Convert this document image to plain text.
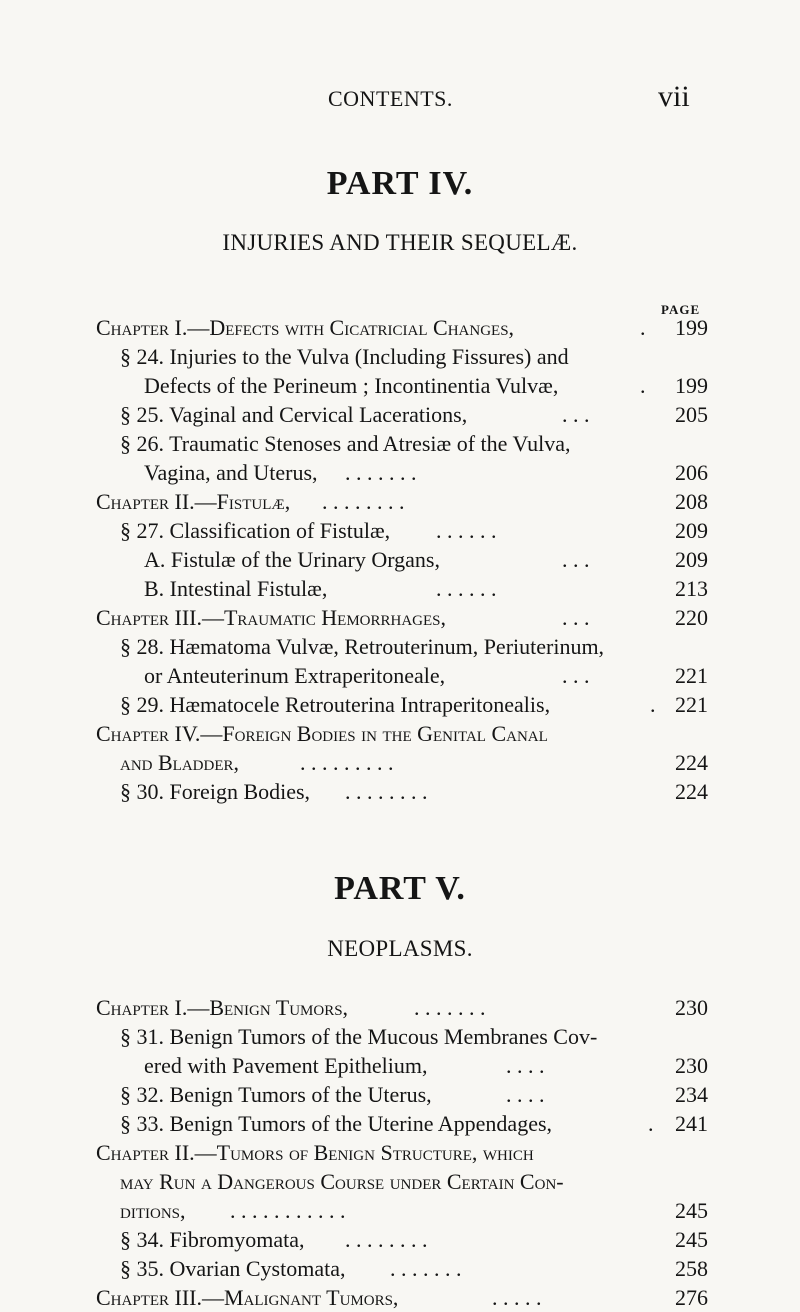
CONTENTS.	vii
PART IV.
INJURIES AND THEIR SEQUELÆ.
PAGE
Chapter I.—Defects with Cicatricial Changes,	.	199
§ 24. Injuries to the Vulva (Including Fissures) and
Defects of the Perineum ; Incontinentia Vulvæ,	.	199
§ 25. Vaginal and Cervical Lacerations,	. . .	205
§ 26. Traumatic Stenoses and Atresiæ of the Vulva,
Vagina, and Uterus, . . . . . . .	206
Chapter II.—Fistulæ, . . . . . . . .	208
§ 27. Classification of Fistulæ, . . . . . .	209
A. Fistulæ of the Urinary Organs,	. . .	209
B. Intestinal Fistulæ,	. . . . . .	213
Chapter III.—Traumatic Hemorrhages,	. . .	220
§ 28. Hæmatoma Vulvæ, Retrouterinum, Periuterinum,
or Anteuterinum Extraperitoneale,	. . .	221
§ 29. Hæmatocele Retrouterina Intraperitonealis,	. 221
Chapter IV.—Foreign Bodies in the Genital Canal
and Bladder,	. . . . . . . . .	224
§ 30. Foreign Bodies, . . . . . . . .	224
PART V.
NEOPLASMS.
Chapter I.—Benign Tumors,	. . . . . . .	230
§ 31. Benign Tumors of the Mucous Membranes Cov-
ered with Pavement Epithelium,	. . . .	230
§ 32. Benign Tumors of the Uterus,	. . . .	234
§ 33. Benign Tumors of the Uterine Appendages,	. 241
Chapter II.—Tumors of Benign Structure, which
may Run a Dangerous Course under Certain Con-
ditions, . . . . . . . . . . .	245
§ 34. Fibromyomata, . . . . . . . .	245
§ 35. Ovarian Cystomata, . . . . . . .	258
Chapter III.—Malignant Tumors,	. . . . .	276
